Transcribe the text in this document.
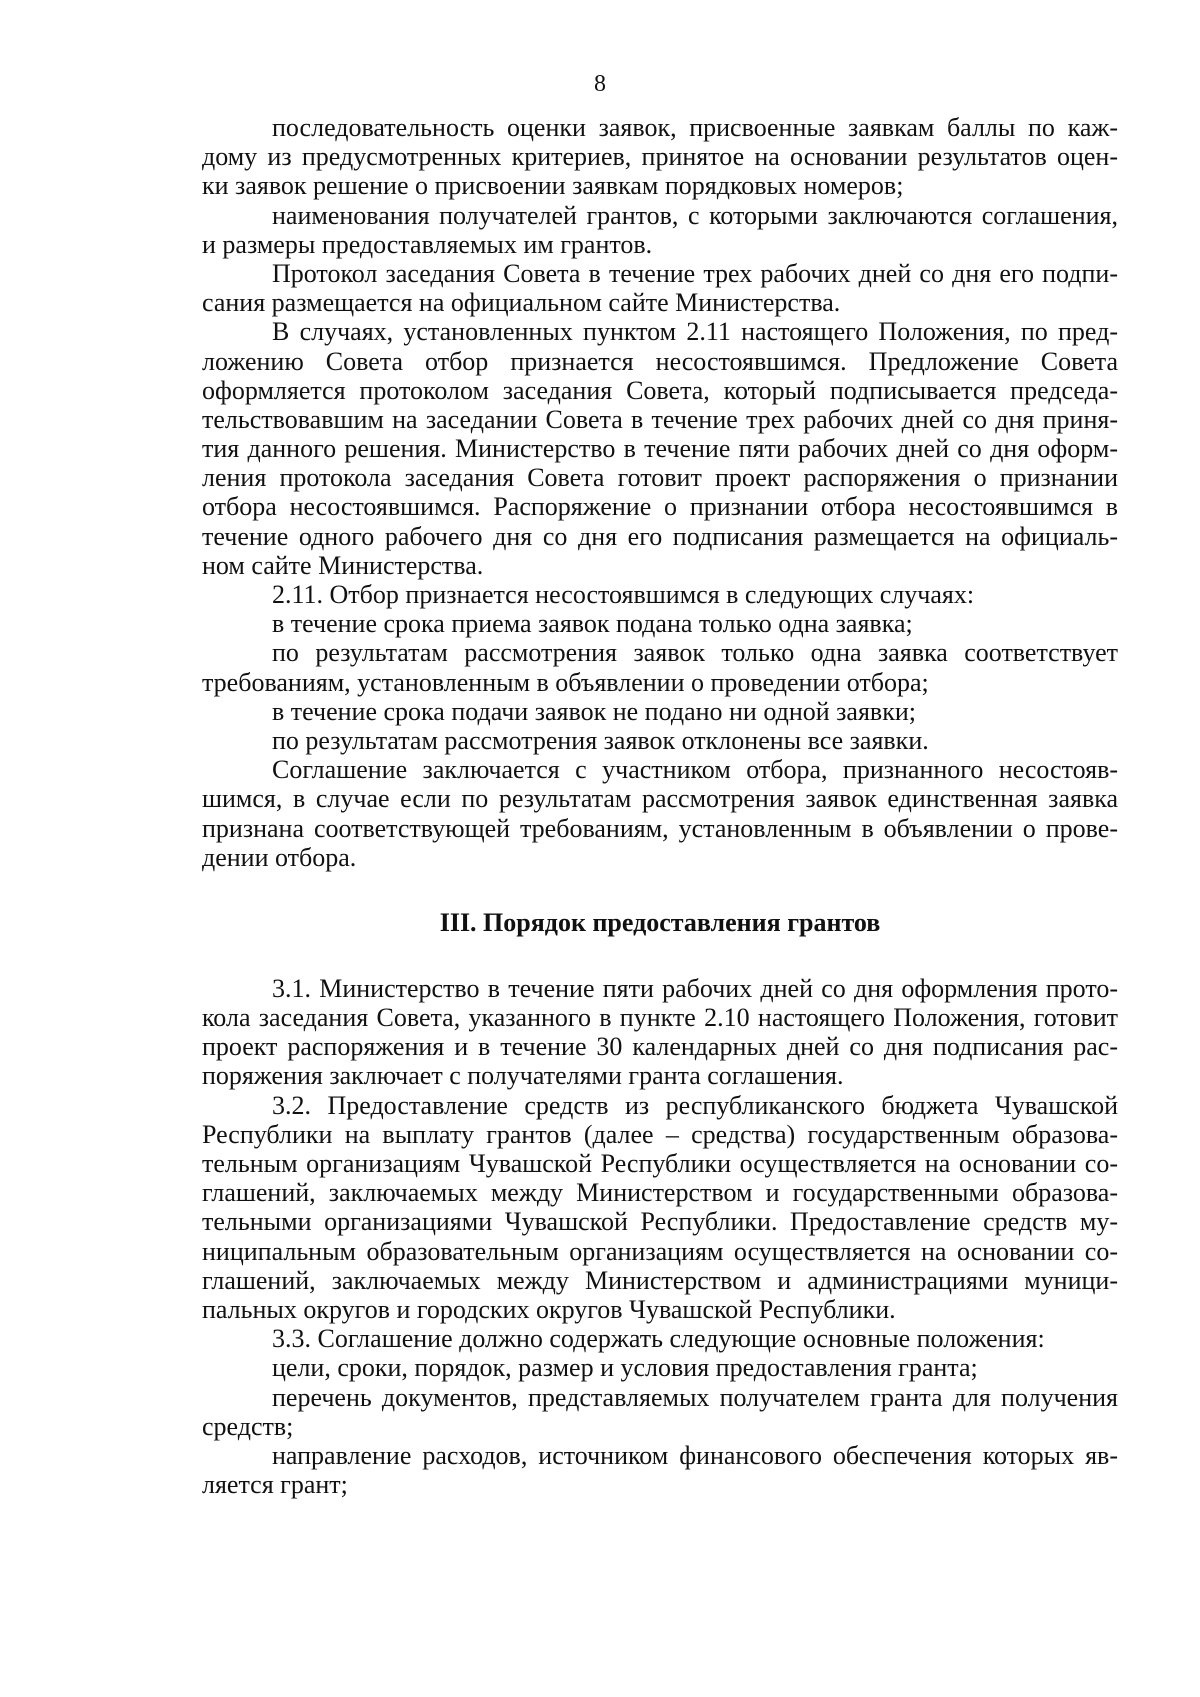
8
последовательность оценки заявок, присвоенные заявкам баллы по каж-
дому из предусмотренных критериев, принятое на основании результатов оцен-
ки заявок решение о присвоении заявкам порядковых номеров;
наименования получателей грантов, с которыми заключаются соглашения,
и размеры предоставляемых им грантов.
Протокол заседания Совета в течение трех рабочих дней со дня его подпи-
сания размещается на официальном сайте Министерства.
В случаях, установленных пунктом 2.11 настоящего Положения, по пред-
ложению Совета отбор признается несостоявшимся. Предложение Совета
оформляется протоколом заседания Совета, который подписывается председа-
тельствовавшим на заседании Совета в течение трех рабочих дней со дня приня-
тия данного решения. Министерство в течение пяти рабочих дней со дня оформ-
ления протокола заседания Совета готовит проект распоряжения о признании
отбора несостоявшимся. Распоряжение о признании отбора несостоявшимся в
течение одного рабочего дня со дня его подписания размещается на официаль-
ном сайте Министерства.
2.11. Отбор признается несостоявшимся в следующих случаях:
в течение срока приема заявок подана только одна заявка;
по результатам рассмотрения заявок только одна заявка соответствует
требованиям, установленным в объявлении о проведении отбора;
в течение срока подачи заявок не подано ни одной заявки;
по результатам рассмотрения заявок отклонены все заявки.
Соглашение заключается с участником отбора, признанного несостояв-
шимся, в случае если по результатам рассмотрения заявок единственная заявка
признана соответствующей требованиям, установленным в объявлении о прове-
дении отбора.
III. Порядок предоставления грантов
3.1. Министерство в течение пяти рабочих дней со дня оформления прото-
кола заседания Совета, указанного в пункте 2.10 настоящего Положения, готовит
проект распоряжения и в течение 30 календарных дней со дня подписания рас-
поряжения заключает с получателями гранта соглашения.
3.2. Предоставление средств из республиканского бюджета Чувашской
Республики на выплату грантов (далее – средства) государственным образова-
тельным организациям Чувашской Республики осуществляется на основании со-
глашений, заключаемых между Министерством и государственными образова-
тельными организациями Чувашской Республики. Предоставление средств му-
ниципальным образовательным организациям осуществляется на основании со-
глашений, заключаемых между Министерством и администрациями муници-
пальных округов и городских округов Чувашской Республики.
3.3. Соглашение должно содержать следующие основные положения:
цели, сроки, порядок, размер и условия предоставления гранта;
перечень документов, представляемых получателем гранта для получения
средств;
направление расходов, источником финансового обеспечения которых яв-
ляется грант;
